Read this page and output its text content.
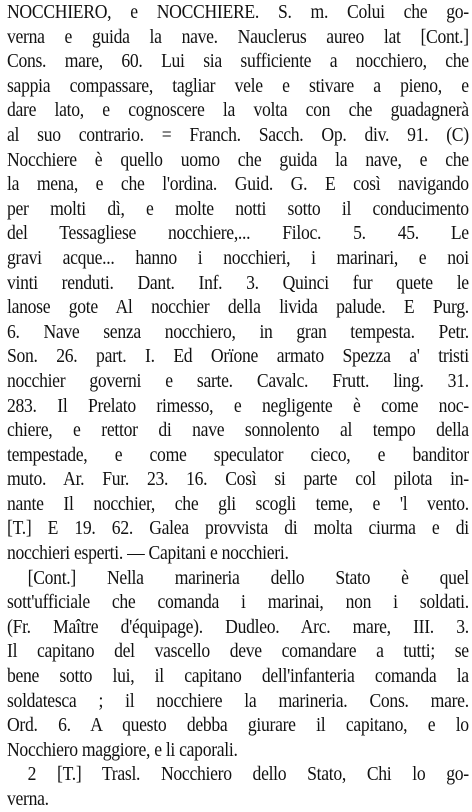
NOCCHIERO, e NOCCHIERE. S. m. Colui che go-
verna e guida la nave. Nauclerus aureo lat [Cont.]
Cons. mare, 60. Lui sia sufficiente a nocchiero, che
sappia compassare, tagliar vele e stivare a pieno, e
dare lato, e cognoscere la volta con che guadagnerà
al suo contrario. = Franch. Sacch. Op. div. 91. (C)
Nocchiere è quello uomo che guida la nave, e che
la mena, e che l'ordina. Guid. G. E così navigando
per molti dì, e molte notti sotto il conducimento
del Tessagliese nocchiere,... Filoc. 5. 45. Le
gravi acque... hanno i nocchieri, i marinari, e noi
vinti renduti. Dant. Inf. 3. Quinci fur quete le
lanose gote Al nocchier della livida palude. E Purg.
6. Nave senza nocchiero, in gran tempesta. Petr.
Son. 26. part. I. Ed Orïone armato Spezza a' tristi
nocchier governi e sarte. Cavalc. Frutt. ling. 31.
283. Il Prelato rimesso, e negligente è come noc-
chiere, e rettor di nave sonnolento al tempo della
tempestade, e come speculator cieco, e banditor
muto. Ar. Fur. 23. 16. Così si parte col pilota in-
nante Il nocchier, che gli scogli teme, e 'l vento.
[T.] E 19. 62. Galea provvista di molta ciurma e di
nocchieri esperti. — Capitani e nocchieri.
[Cont.] Nella marineria dello Stato è quel
sott'ufficiale che comanda i marinai, non i soldati.
(Fr. Maître d'équipage). Dudleo. Arc. mare, III. 3.
Il capitano del vascello deve comandare a tutti; se
bene sotto lui, il capitano dell'infanteria comanda la
soldatesca ; il nocchiere la marineria. Cons. mare.
Ord. 6. A questo debba giurare il capitano, e lo
Nocchiero maggiore, e li caporali.
2 [T.] Trasl. Nocchiero dello Stato, Chi lo go-
verna.
